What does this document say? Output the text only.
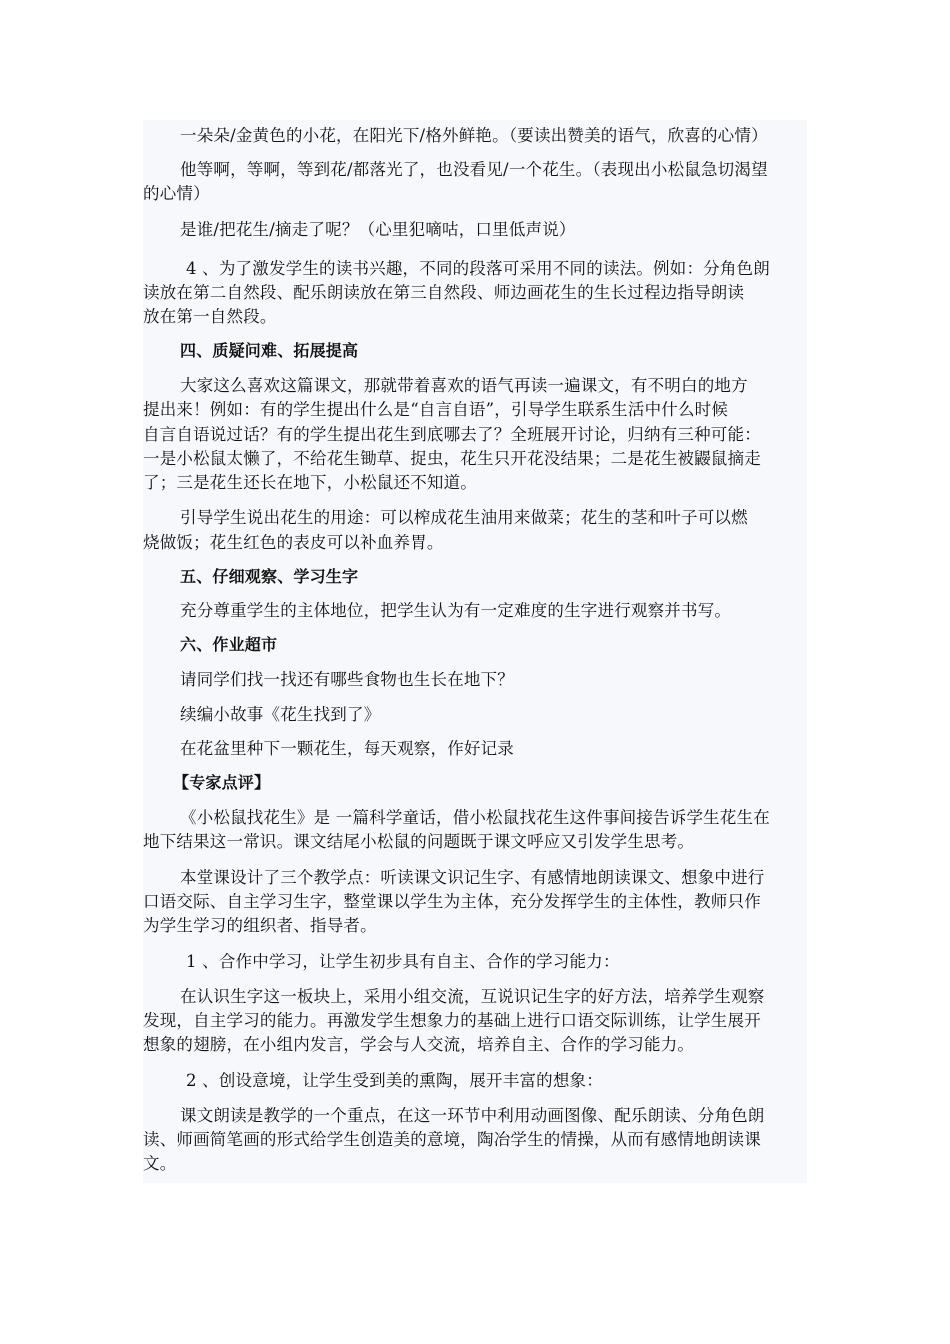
一朵朵/金黄色的小花，在阳光下/格外鲜艳。（要读出赞美的语气，欣喜的心情）
他等啊，等啊，等到花/都落光了，也没看见/一个花生。（表现出小松鼠急切渴望
的心情）
是谁/把花生/摘走了呢？（心里犯嘀咕，口里低声说）
4 、为了激发学生的读书兴趣，不同的段落可采用不同的读法。例如：分角色朗
读放在第二自然段、配乐朗读放在第三自然段、师边画花生的生长过程边指导朗读
放在第一自然段。
四、质疑问难、拓展提高
大家这么喜欢这篇课文，那就带着喜欢的语气再读一遍课文，有不明白的地方
提出来！例如：有的学生提出什么是“自言自语”，引导学生联系生活中什么时候
自言自语说过话？有的学生提出花生到底哪去了？全班展开讨论，归纳有三种可能：
一是小松鼠太懒了，不给花生锄草、捉虫，花生只开花没结果；二是花生被鼹鼠摘走
了；三是花生还长在地下，小松鼠还不知道。
引导学生说出花生的用途：可以榨成花生油用来做菜；花生的茎和叶子可以燃
烧做饭；花生红色的表皮可以补血养胃。
五、仔细观察、学习生字
充分尊重学生的主体地位，把学生认为有一定难度的生字进行观察并书写。
六、作业超市
请同学们找一找还有哪些食物也生长在地下？
续编小故事《花生找到了》
在花盆里种下一颗花生，每天观察，作好记录
【专家点评】
《小松鼠找花生》是 一篇科学童话，借小松鼠找花生这件事间接告诉学生花生在
地下结果这一常识。课文结尾小松鼠的问题既于课文呼应又引发学生思考。
本堂课设计了三个教学点：听读课文识记生字、有感情地朗读课文、想象中进行
口语交际、自主学习生字，整堂课以学生为主体，充分发挥学生的主体性，教师只作
为学生学习的组织者、指导者。
1 、合作中学习，让学生初步具有自主、合作的学习能力：
在认识生字这一板块上，采用小组交流，互说识记生字的好方法，培养学生观察
发现，自主学习的能力。再激发学生想象力的基础上进行口语交际训练，让学生展开
想象的翅膀，在小组内发言，学会与人交流，培养自主、合作的学习能力。
2 、创设意境，让学生受到美的熏陶，展开丰富的想象：
课文朗读是教学的一个重点，在这一环节中利用动画图像、配乐朗读、分角色朗
读、师画简笔画的形式给学生创造美的意境，陶冶学生的情操，从而有感情地朗读课
文。
